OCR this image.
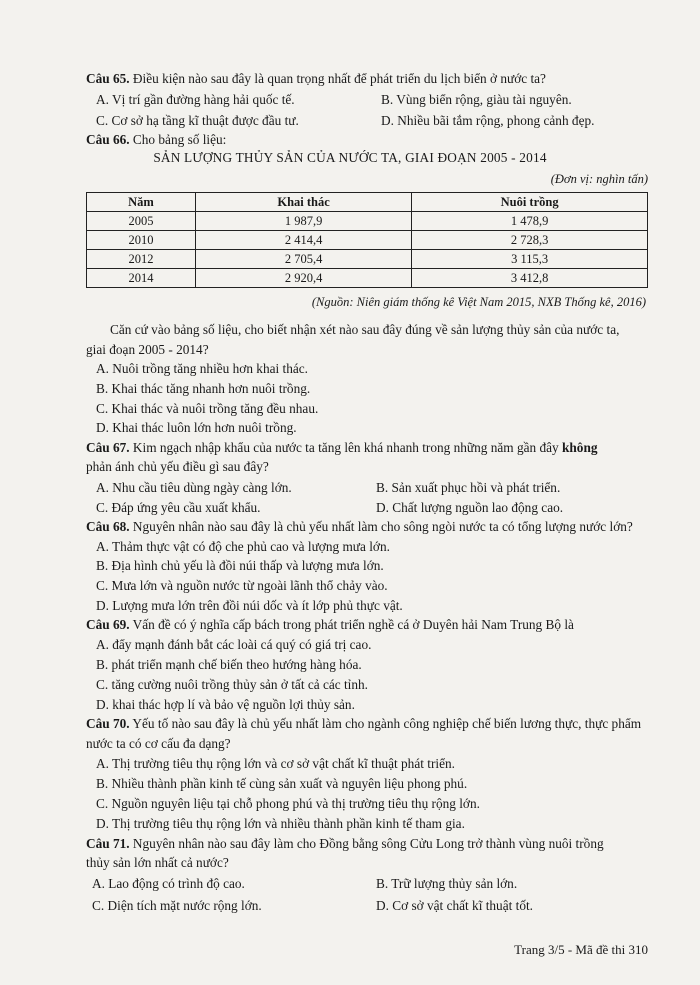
Câu 65. Điều kiện nào sau đây là quan trọng nhất để phát triển du lịch biển ở nước ta?
A. Vị trí gần đường hàng hải quốc tế.	B. Vùng biển rộng, giàu tài nguyên.
C. Cơ sở hạ tầng kĩ thuật được đầu tư.	D. Nhiều bãi tắm rộng, phong cảnh đẹp.
Câu 66. Cho bảng số liệu:
SẢN LƯỢNG THỦY SẢN CỦA NƯỚC TA, GIAI ĐOẠN 2005 - 2014
(Đơn vị: nghìn tấn)
Năm	Khai thác	Nuôi trồng
2005	1 987,9	1 478,9
2010	2 414,4	2 728,3
2012	2 705,4	3 115,3
2014	2 920,4	3 412,8
(Nguồn: Niên giám thống kê Việt Nam 2015, NXB Thống kê, 2016)
Căn cứ vào bảng số liệu, cho biết nhận xét nào sau đây đúng về sản lượng thủy sản của nước ta,
giai đoạn 2005 - 2014?
A. Nuôi trồng tăng nhiều hơn khai thác.
B. Khai thác tăng nhanh hơn nuôi trồng.
C. Khai thác và nuôi trồng tăng đều nhau.
D. Khai thác luôn lớn hơn nuôi trồng.
Câu 67. Kim ngạch nhập khẩu của nước ta tăng lên khá nhanh trong những năm gần đây không
phản ánh chủ yếu điều gì sau đây?
A. Nhu cầu tiêu dùng ngày càng lớn.	B. Sản xuất phục hồi và phát triển.
C. Đáp ứng yêu cầu xuất khẩu.	D. Chất lượng nguồn lao động cao.
Câu 68. Nguyên nhân nào sau đây là chủ yếu nhất làm cho sông ngòi nước ta có tổng lượng nước lớn?
A. Thảm thực vật có độ che phủ cao và lượng mưa lớn.
B. Địa hình chủ yếu là đồi núi thấp và lượng mưa lớn.
C. Mưa lớn và nguồn nước từ ngoài lãnh thổ chảy vào.
D. Lượng mưa lớn trên đồi núi dốc và ít lớp phủ thực vật.
Câu 69. Vấn đề có ý nghĩa cấp bách trong phát triển nghề cá ở Duyên hải Nam Trung Bộ là
A. đẩy mạnh đánh bắt các loài cá quý có giá trị cao.
B. phát triển mạnh chế biến theo hướng hàng hóa.
C. tăng cường nuôi trồng thủy sản ở tất cả các tỉnh.
D. khai thác hợp lí và bảo vệ nguồn lợi thủy sản.
Câu 70. Yếu tố nào sau đây là chủ yếu nhất làm cho ngành công nghiệp chế biến lương thực, thực phẩm
nước ta có cơ cấu đa dạng?
A. Thị trường tiêu thụ rộng lớn và cơ sở vật chất kĩ thuật phát triển.
B. Nhiều thành phần kinh tế cùng sản xuất và nguyên liệu phong phú.
C. Nguồn nguyên liệu tại chỗ phong phú và thị trường tiêu thụ rộng lớn.
D. Thị trường tiêu thụ rộng lớn và nhiều thành phần kinh tế tham gia.
Câu 71. Nguyên nhân nào sau đây làm cho Đồng bằng sông Cửu Long trở thành vùng nuôi trồng
thủy sản lớn nhất cả nước?
A. Lao động có trình độ cao.	B. Trữ lượng thủy sản lớn.
C. Diện tích mặt nước rộng lớn.	D. Cơ sở vật chất kĩ thuật tốt.
Trang 3/5 - Mã đề thi 310
